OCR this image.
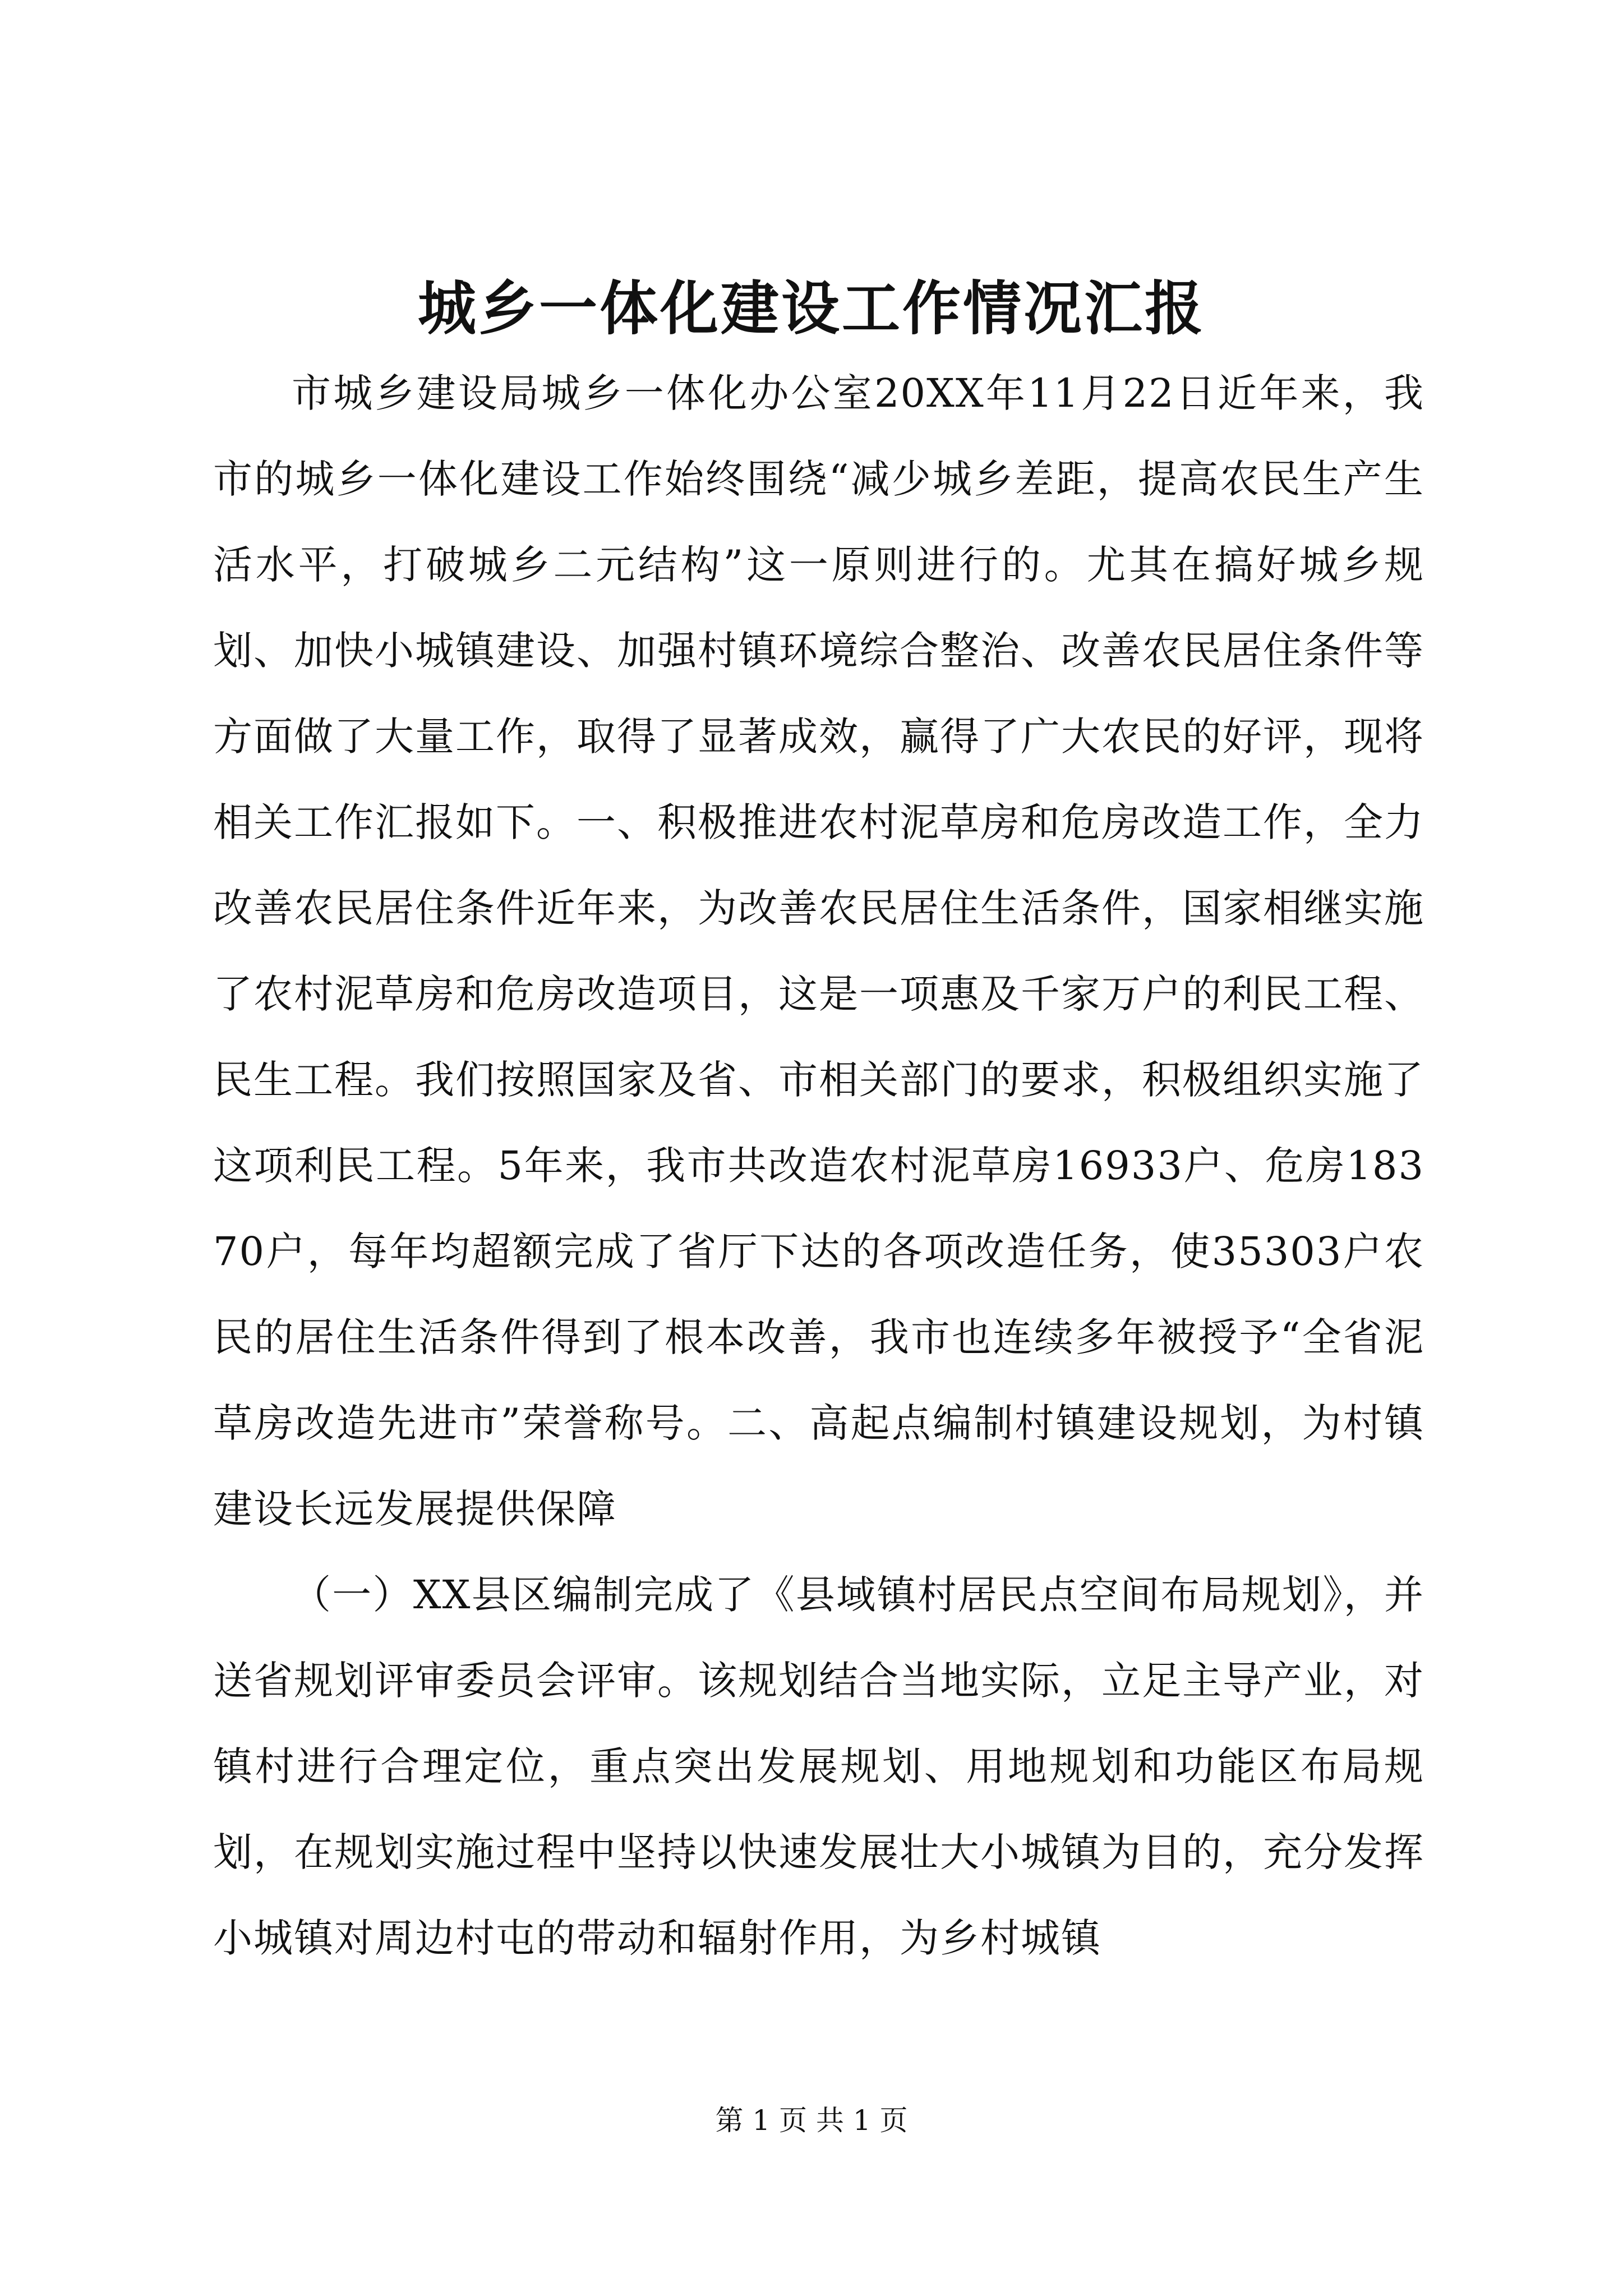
城乡一体化建设工作情况汇报

市城乡建设局城乡一体化办公室20XX年11月22日近年来，我市的城乡一体化建设工作始终围绕“减少城乡差距，提高农民生产生活水平，打破城乡二元结构”这一原则进行的。尤其在搞好城乡规划、加快小城镇建设、加强村镇环境综合整治、改善农民居住条件等方面做了大量工作，取得了显著成效，赢得了广大农民的好评，现将相关工作汇报如下。一、积极推进农村泥草房和危房改造工作，全力改善农民居住条件近年来，为改善农民居住生活条件，国家相继实施了农村泥草房和危房改造项目，这是一项惠及千家万户的利民工程、民生工程。我们按照国家及省、市相关部门的要求，积极组织实施了这项利民工程。5年来，我市共改造农村泥草房16933户、危房18370户，每年均超额完成了省厅下达的各项改造任务，使35303户农民的居住生活条件得到了根本改善，我市也连续多年被授予“全省泥草房改造先进市”荣誉称号。二、高起点编制村镇建设规划，为村镇建设长远发展提供保障

（一）XX县区编制完成了《县域镇村居民点空间布局规划》，并送省规划评审委员会评审。该规划结合当地实际，立足主导产业，对镇村进行合理定位，重点突出发展规划、用地规划和功能区布局规划，在规划实施过程中坚持以快速发展壮大小城镇为目的，充分发挥小城镇对周边村屯的带动和辐射作用，为乡村城镇

第 1 页 共 1 页
